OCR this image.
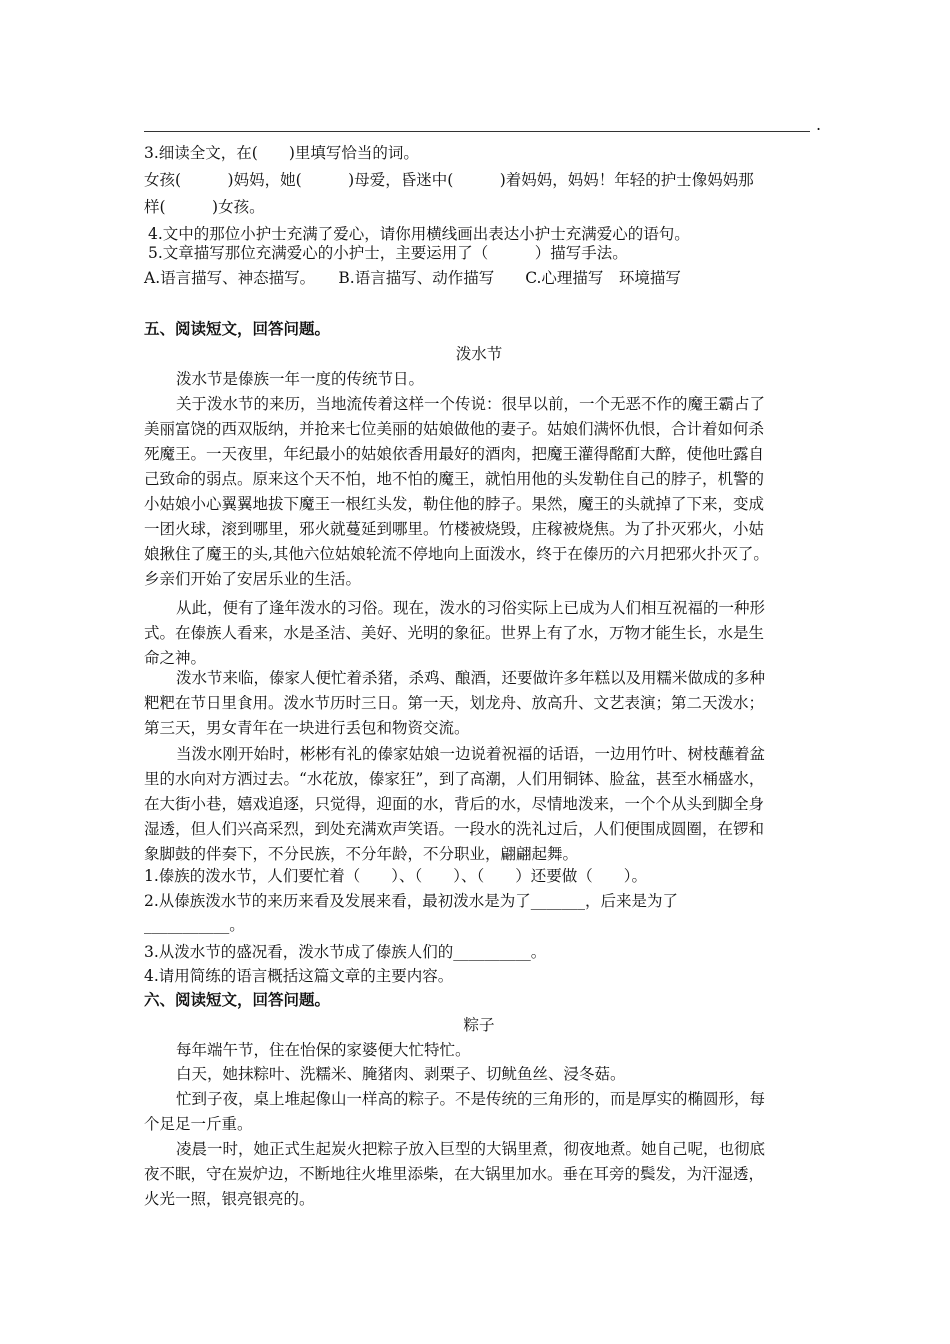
.
3.细读全文，在(　　)里填写恰当的词。
女孩(　　　)妈妈，她(　　　)母爱，昏迷中(　　　)着妈妈，妈妈！年轻的护士像妈妈那
样(　　　)女孩。
4.文中的那位小护士充满了爱心，请你用横线画出表达小护士充满爱心的语句。
5.文章描写那位充满爱心的小护士，主要运用了（　　　）描写手法。
A.语言描写、神态描写。　　B.语言描写、动作描写　　C.心理描写　环境描写
五、阅读短文，回答问题。
泼水节
泼水节是傣族一年一度的传统节日。
关于泼水节的来历，当地流传着这样一个传说：很早以前，一个无恶不作的魔王霸占了
美丽富饶的西双版纳，并抢来七位美丽的姑娘做他的妻子。姑娘们满怀仇恨，合计着如何杀
死魔王。一天夜里，年纪最小的姑娘依香用最好的酒肉，把魔王灌得酩酊大醉，使他吐露自
己致命的弱点。原来这个天不怕，地不怕的魔王，就怕用他的头发勒住自己的脖子，机警的
小姑娘小心翼翼地拔下魔王一根红头发，勒住他的脖子。果然，魔王的头就掉了下来，变成
一团火球，滚到哪里，邪火就蔓延到哪里。竹楼被烧毁，庄稼被烧焦。为了扑灭邪火，小姑
娘揪住了魔王的头,其他六位姑娘轮流不停地向上面泼水，终于在傣历的六月把邪火扑灭了。
乡亲们开始了安居乐业的生活。
从此，便有了逢年泼水的习俗。现在，泼水的习俗实际上已成为人们相互祝福的一种形
式。在傣族人看来，水是圣洁、美好、光明的象征。世界上有了水，万物才能生长，水是生
命之神。
泼水节来临，傣家人便忙着杀猪，杀鸡、酿酒，还要做许多年糕以及用糯米做成的多种
粑粑在节日里食用。泼水节历时三日。第一天，划龙舟、放高升、文艺表演；第二天泼水；
第三天，男女青年在一块进行丢包和物资交流。
当泼水刚开始时，彬彬有礼的傣家姑娘一边说着祝福的话语，一边用竹叶、树枝蘸着盆
里的水向对方洒过去。“水花放，傣家狂”，到了高潮，人们用铜钵、脸盆，甚至水桶盛水，
在大街小巷，嬉戏追逐，只觉得，迎面的水，背后的水，尽情地泼来，一个个从头到脚全身
湿透，但人们兴高采烈，到处充满欢声笑语。一段水的洗礼过后，人们便围成圆圈，在锣和
象脚鼓的伴奏下，不分民族，不分年龄，不分职业，翩翩起舞。
1.傣族的泼水节，人们要忙着（　　）、（　　）、（　　）还要做（　　）。
2.从傣族泼水节的来历来看及发展来看，最初泼水是为了_______，后来是为了
___________。
3.从泼水节的盛况看，泼水节成了傣族人们的__________。
4.请用简练的语言概括这篇文章的主要内容。
六、阅读短文，回答问题。
粽子
每年端午节，住在怡保的家婆便大忙特忙。
白天，她抹粽叶、洗糯米、腌猪肉、剥栗子、切鱿鱼丝、浸冬菇。
忙到子夜，桌上堆起像山一样高的粽子。不是传统的三角形的，而是厚实的椭圆形，每
个足足一斤重。
凌晨一时，她正式生起炭火把粽子放入巨型的大锅里煮，彻夜地煮。她自己呢，也彻底
夜不眠，守在炭炉边，不断地往火堆里添柴，在大锅里加水。垂在耳旁的鬓发，为汗湿透，
火光一照，银亮银亮的。
